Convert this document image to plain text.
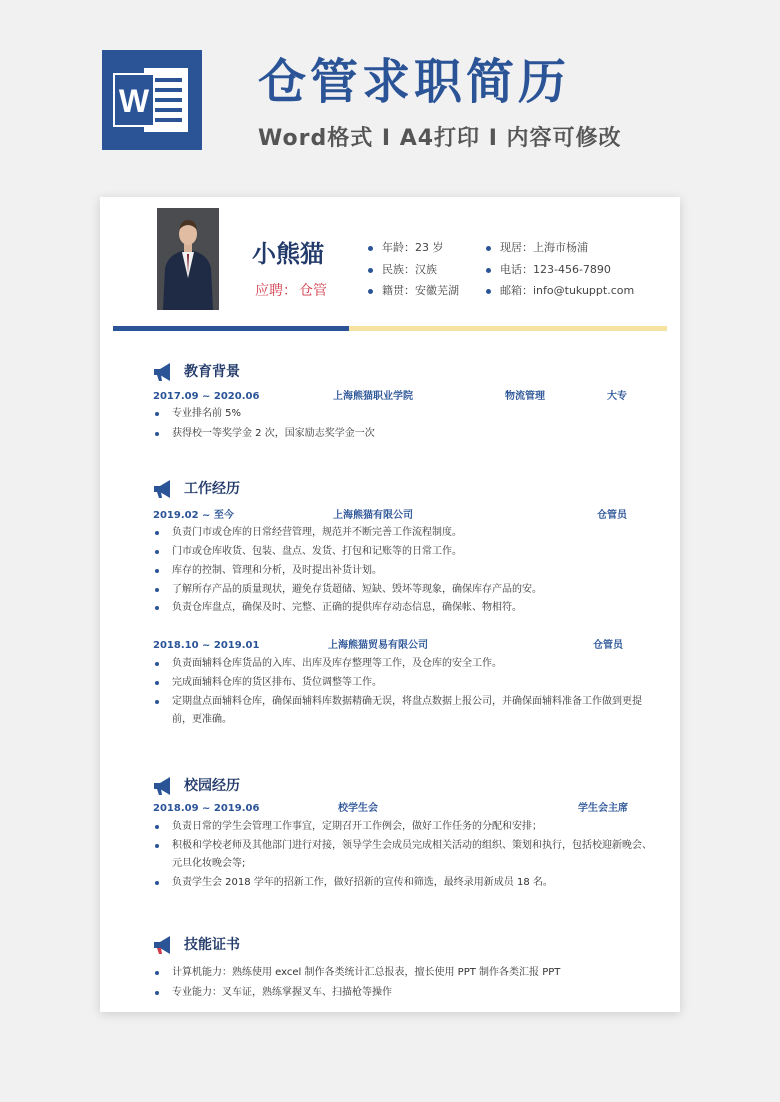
W 仓管求职简历
Word格式 I A4打印 I 内容可修改
小熊猫
应聘： 仓管
年龄：23 岁
民族：汉族
籍贯：安徽芜湖
现居：上海市杨浦
电话：123-456-7890
邮箱：info@tukuppt.com
教育背景
2017.09 ~ 2020.06	上海熊猫职业学院	物流管理	大专
专业排名前 5%
获得校一等奖学金 2 次，国家励志奖学金一次
工作经历
2019.02 ~ 至今	上海熊猫有限公司	仓管员
负责门市或仓库的日常经营管理，规范并不断完善工作流程制度。
门市或仓库收货、包装、盘点、发货、打包和记账等的日常工作。
库存的控制、管理和分析，及时提出补货计划。
了解所存产品的质量现状，避免存货超储、短缺、毁坏等现象，确保库存产品的安。
负责仓库盘点，确保及时、完整、正确的提供库存动态信息，确保帐、物相符。
2018.10 ~ 2019.01	上海熊猫贸易有限公司	仓管员
负责面辅料仓库货品的入库、出库及库存整理等工作，及仓库的安全工作。
完成面辅料仓库的货区排布、货位调整等工作。
定期盘点面辅料仓库，确保面辅料库数据精确无误，将盘点数据上报公司，并确保面辅料准备工作做到更提前，更准确。
校园经历
2018.09 ~ 2019.06	校学生会	学生会主席
负责日常的学生会管理工作事宜，定期召开工作例会，做好工作任务的分配和安排；
积极和学校老师及其他部门进行对接，领导学生会成员完成相关活动的组织、策划和执行，包括校迎新晚会、元旦化妆晚会等;
负责学生会 2018 学年的招新工作，做好招新的宣传和筛选，最终录用新成员 18 名。
技能证书
计算机能力：熟练使用 excel 制作各类统计汇总报表，擅长使用 PPT 制作各类汇报 PPT
专业能力：叉车证，熟练掌握叉车、扫描枪等操作
